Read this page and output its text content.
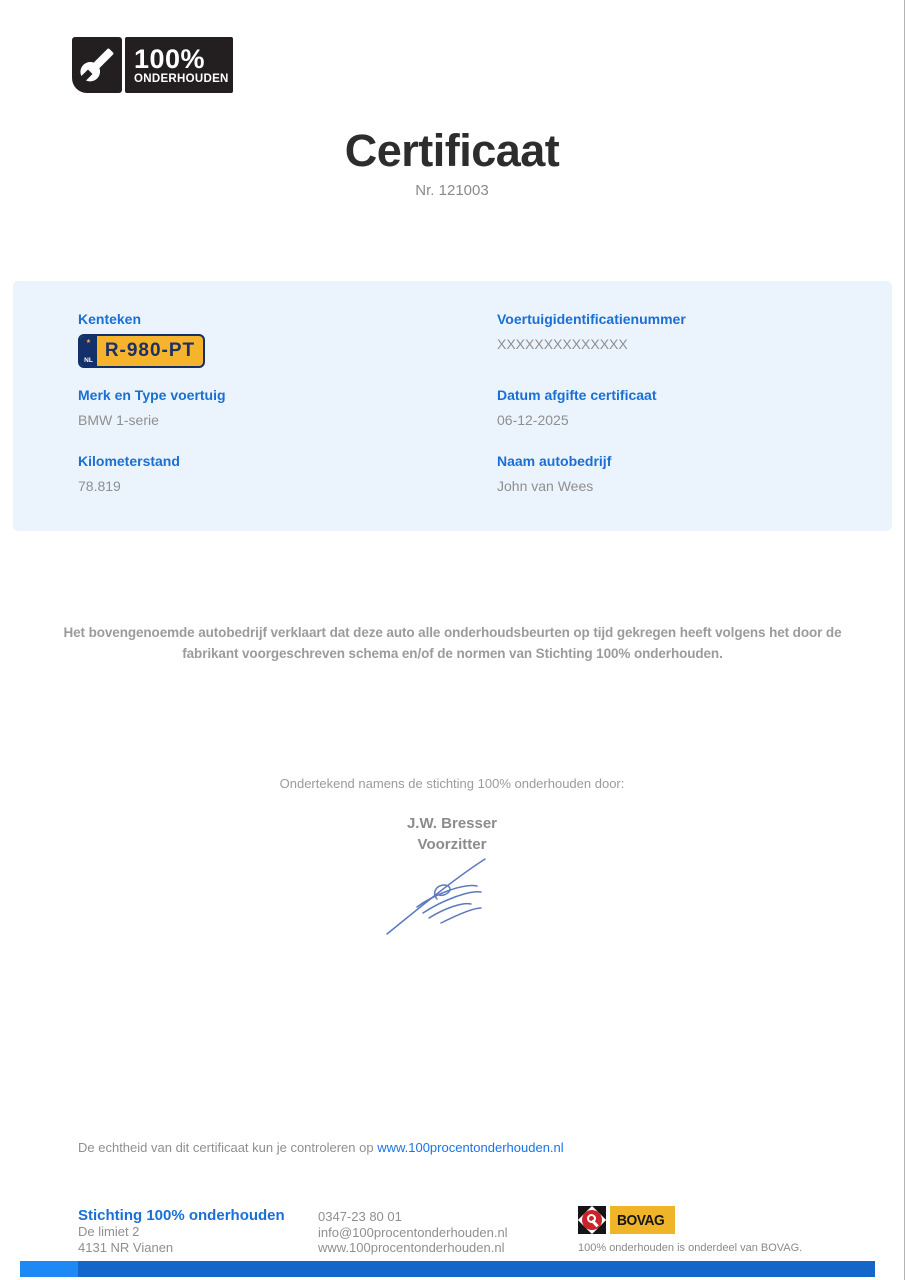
100%
ONDERHOUDEN
Certificaat
Nr. 121003
Kenteken
★
NL R-980-PT
Merk en Type voertuig
BMW 1-serie
Kilometerstand
78.819
Voertuigidentificatienummer
XXXXXXXXXXXXXX
Datum afgifte certificaat
06-12-2025
Naam autobedrijf
John van Wees
Het bovengenoemde autobedrijf verklaart dat deze auto alle onderhoudsbeurten op tijd gekregen heeft volgens het door de fabrikant voorgeschreven schema en/of de normen van Stichting 100% onderhouden.
Ondertekend namens de stichting 100% onderhouden door:
J.W. Bresser
Voorzitter
De echtheid van dit certificaat kun je controleren op www.100procentonderhouden.nl
Stichting 100% onderhouden
De limiet 2
4131 NR Vianen
0347-23 80 01
info@100procentonderhouden.nl
www.100procentonderhouden.nl
BOVAG
100% onderhouden is onderdeel van BOVAG.
